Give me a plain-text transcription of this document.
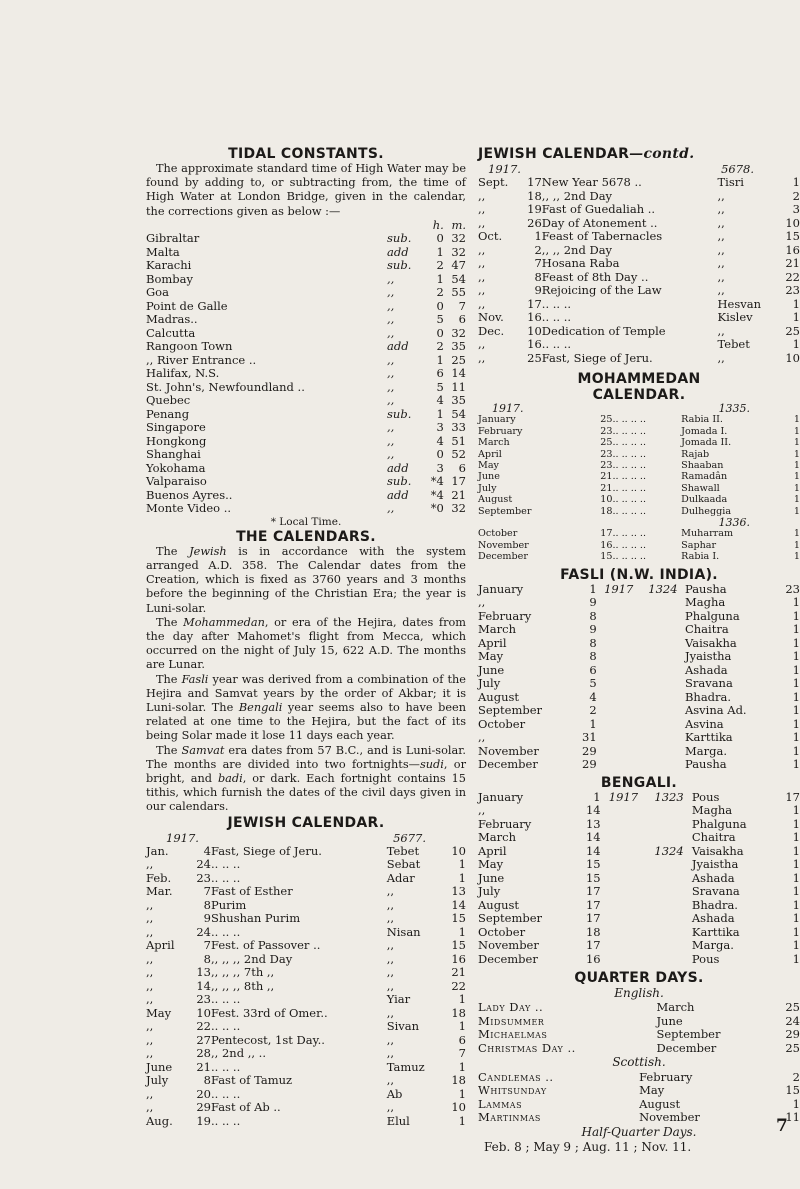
TIDAL CONSTANTS.

The approximate standard time of High Water may be found by adding to, or subtracting from, the time of High Water at London Bridge, given in the calendar, the corrections given as below :—

		h.	m.
Gibraltar	sub.	0	32
Malta	add	1	32
Karachi	sub.	2	47
Bombay	,,	1	54
Goa	,,	2	55
Point de Galle	,,	0	7
Madras..	,,	5	6
Calcutta	,,	0	32
Rangoon Town	add	2	35
,, River Entrance ..	,,	1	25
Halifax, N.S.	,,	6	14
St. John's, Newfoundland ..	,,	5	11
Quebec	,,	4	35
Penang	sub.	1	54
Singapore	,,	3	33
Hongkong	,,	4	51
Shanghai	,,	0	52
Yokohama	add	3	6
Valparaiso	sub.	*4	17
Buenos Ayres..	add	*4	21
Monte Video ..	,,	*0	32
* Local Time.
THE CALENDARS.

The Jewish is in accordance with the system arranged A.D. 358. The Calendar dates from the Creation, which is fixed as 3760 years and 3 months before the beginning of the Christian Era; the year is Luni-solar.

The Mohammedan, or era of the Hejira, dates from the day after Mahomet's flight from Mecca, which occurred on the night of July 15, 622 A.D. The months are Lunar.

The Fasli year was derived from a combination of the Hejira and Samvat years by the order of Akbar; it is Luni-solar. The Bengali year seems also to have been related at one time to the Hejira, but the fact of its being Solar made it lose 11 days each year.

The Samvat era dates from 57 B.C., and is Luni-solar. The months are divided into two fortnights—sudi, or bright, and badi, or dark. Each fortnight contains 15 tithis, which furnish the dates of the civil days given in our calendars.

JEWISH CALENDAR.
1917.	5677.
Jan.	4	Fast, Siege of Jeru.	Tebet	10
,,	24	.. .. ..	Sebat	1
Feb.	23	.. .. ..	Adar	1
Mar.	7	Fast of Esther	,,	13
,,	8	Purim	,,	14
,,	9	Shushan Purim	,,	15
,,	24	.. .. ..	Nisan	1
April	7	Fest. of Passover ..	,,	15
,,	8	,, ,, ,, 2nd Day	,,	16
,,	13	,, ,, ,, 7th ,,	,,	21
,,	14	,, ,, ,, 8th ,,	,,	22
,,	23	.. .. ..	Yiar	1
May	10	Fest. 33rd of Omer..	,,	18
,,	22	.. .. ..	Sivan	1
,,	27	Pentecost, 1st Day..	,,	6
,,	28	,, 2nd ,, ..	,,	7
June	21	.. .. ..	Tamuz	1
July	8	Fast of Tamuz	,,	18
,,	20	.. .. ..	Ab	1
,,	29	Fast of Ab ..	,,	10
Aug.	19	.. .. ..	Elul	1
JEWISH CALENDAR—contd.
1917.	5678.
Sept.	17	New Year 5678 ..	Tisri	1
,,	18	,, ,, 2nd Day	,,	2
,,	19	Fast of Guedaliah ..	,,	3
,,	26	Day of Atonement ..	,,	10
Oct.	1	Feast of Tabernacles	,,	15
,,	2	,, ,, 2nd Day	,,	16
,,	7	Hosana Raba	,,	21
,,	8	Feast of 8th Day ..	,,	22
,,	9	Rejoicing of the Law	,,	23
,,	17	.. .. ..	Hesvan	1
Nov.	16	.. .. ..	Kislev	1
Dec.	10	Dedication of Temple	,,	25
,,	16	.. .. ..	Tebet	1
,,	25	Fast, Siege of Jeru.	,,	10
MOHAMMEDAN
CALENDAR.
1917.			1335.	
January	25	.. .. .. ..	Rabia II.	1
February	23	.. .. .. ..	Jomada I.	1
March	25	.. .. .. ..	Jomada II.	1
April	23	.. .. .. ..	Rajab	1
May	23	.. .. .. ..	Shaaban	1
June	21	.. .. .. ..	Ramadân	1
July	21	.. .. .. ..	Shawall	1
August	10	.. .. .. ..	Dulkaada	1
September	18	.. .. .. ..	Dulheggia	1
			1336.	
October	17	.. .. .. ..	Muharram	1
November	16	.. .. .. ..	Saphar	1
December	15	.. .. .. ..	Rabia I.	1
FASLI (N.W. INDIA).
January	1	1917	1324	Pausha	23
,,	9			Magha	1
February	8			Phalguna	1
March	9			Chaitra	1
April	8			Vaisakha	1
May	8			Jyaistha	1
June	6			Ashada	1
July	5			Sravana	1
August	4			Bhadra.	1
September	2			Asvina Ad.	1
October	1			Asvina	1
,,	31			Karttika	1
November	29			Marga.	1
December	29			Pausha	1
BENGALI.
January	1	1917	1323	Pous	17
,,	14			Magha	1
February	13			Phalguna	1
March	14			Chaitra	1
April	14		1324	Vaisakha	1
May	15			Jyaistha	1
June	15			Ashada	1
July	17			Sravana	1
August	17			Bhadra.	1
September	17			Ashada	1
October	18			Karttika	1
November	17			Marga.	1
December	16			Pous	1
QUARTER DAYS.
English.
Lady Day ..	March	25
Midsummer	June	24
Michaelmas	September	29
Christmas Day ..	December	25
Scottish.
Candlemas ..	February	2
Whitsunday	May	15
Lammas	August	1
Martinmas	November	11
Half-Quarter Days.
Feb. 8 ; May 9 ; Aug. 11 ; Nov. 11.
7
